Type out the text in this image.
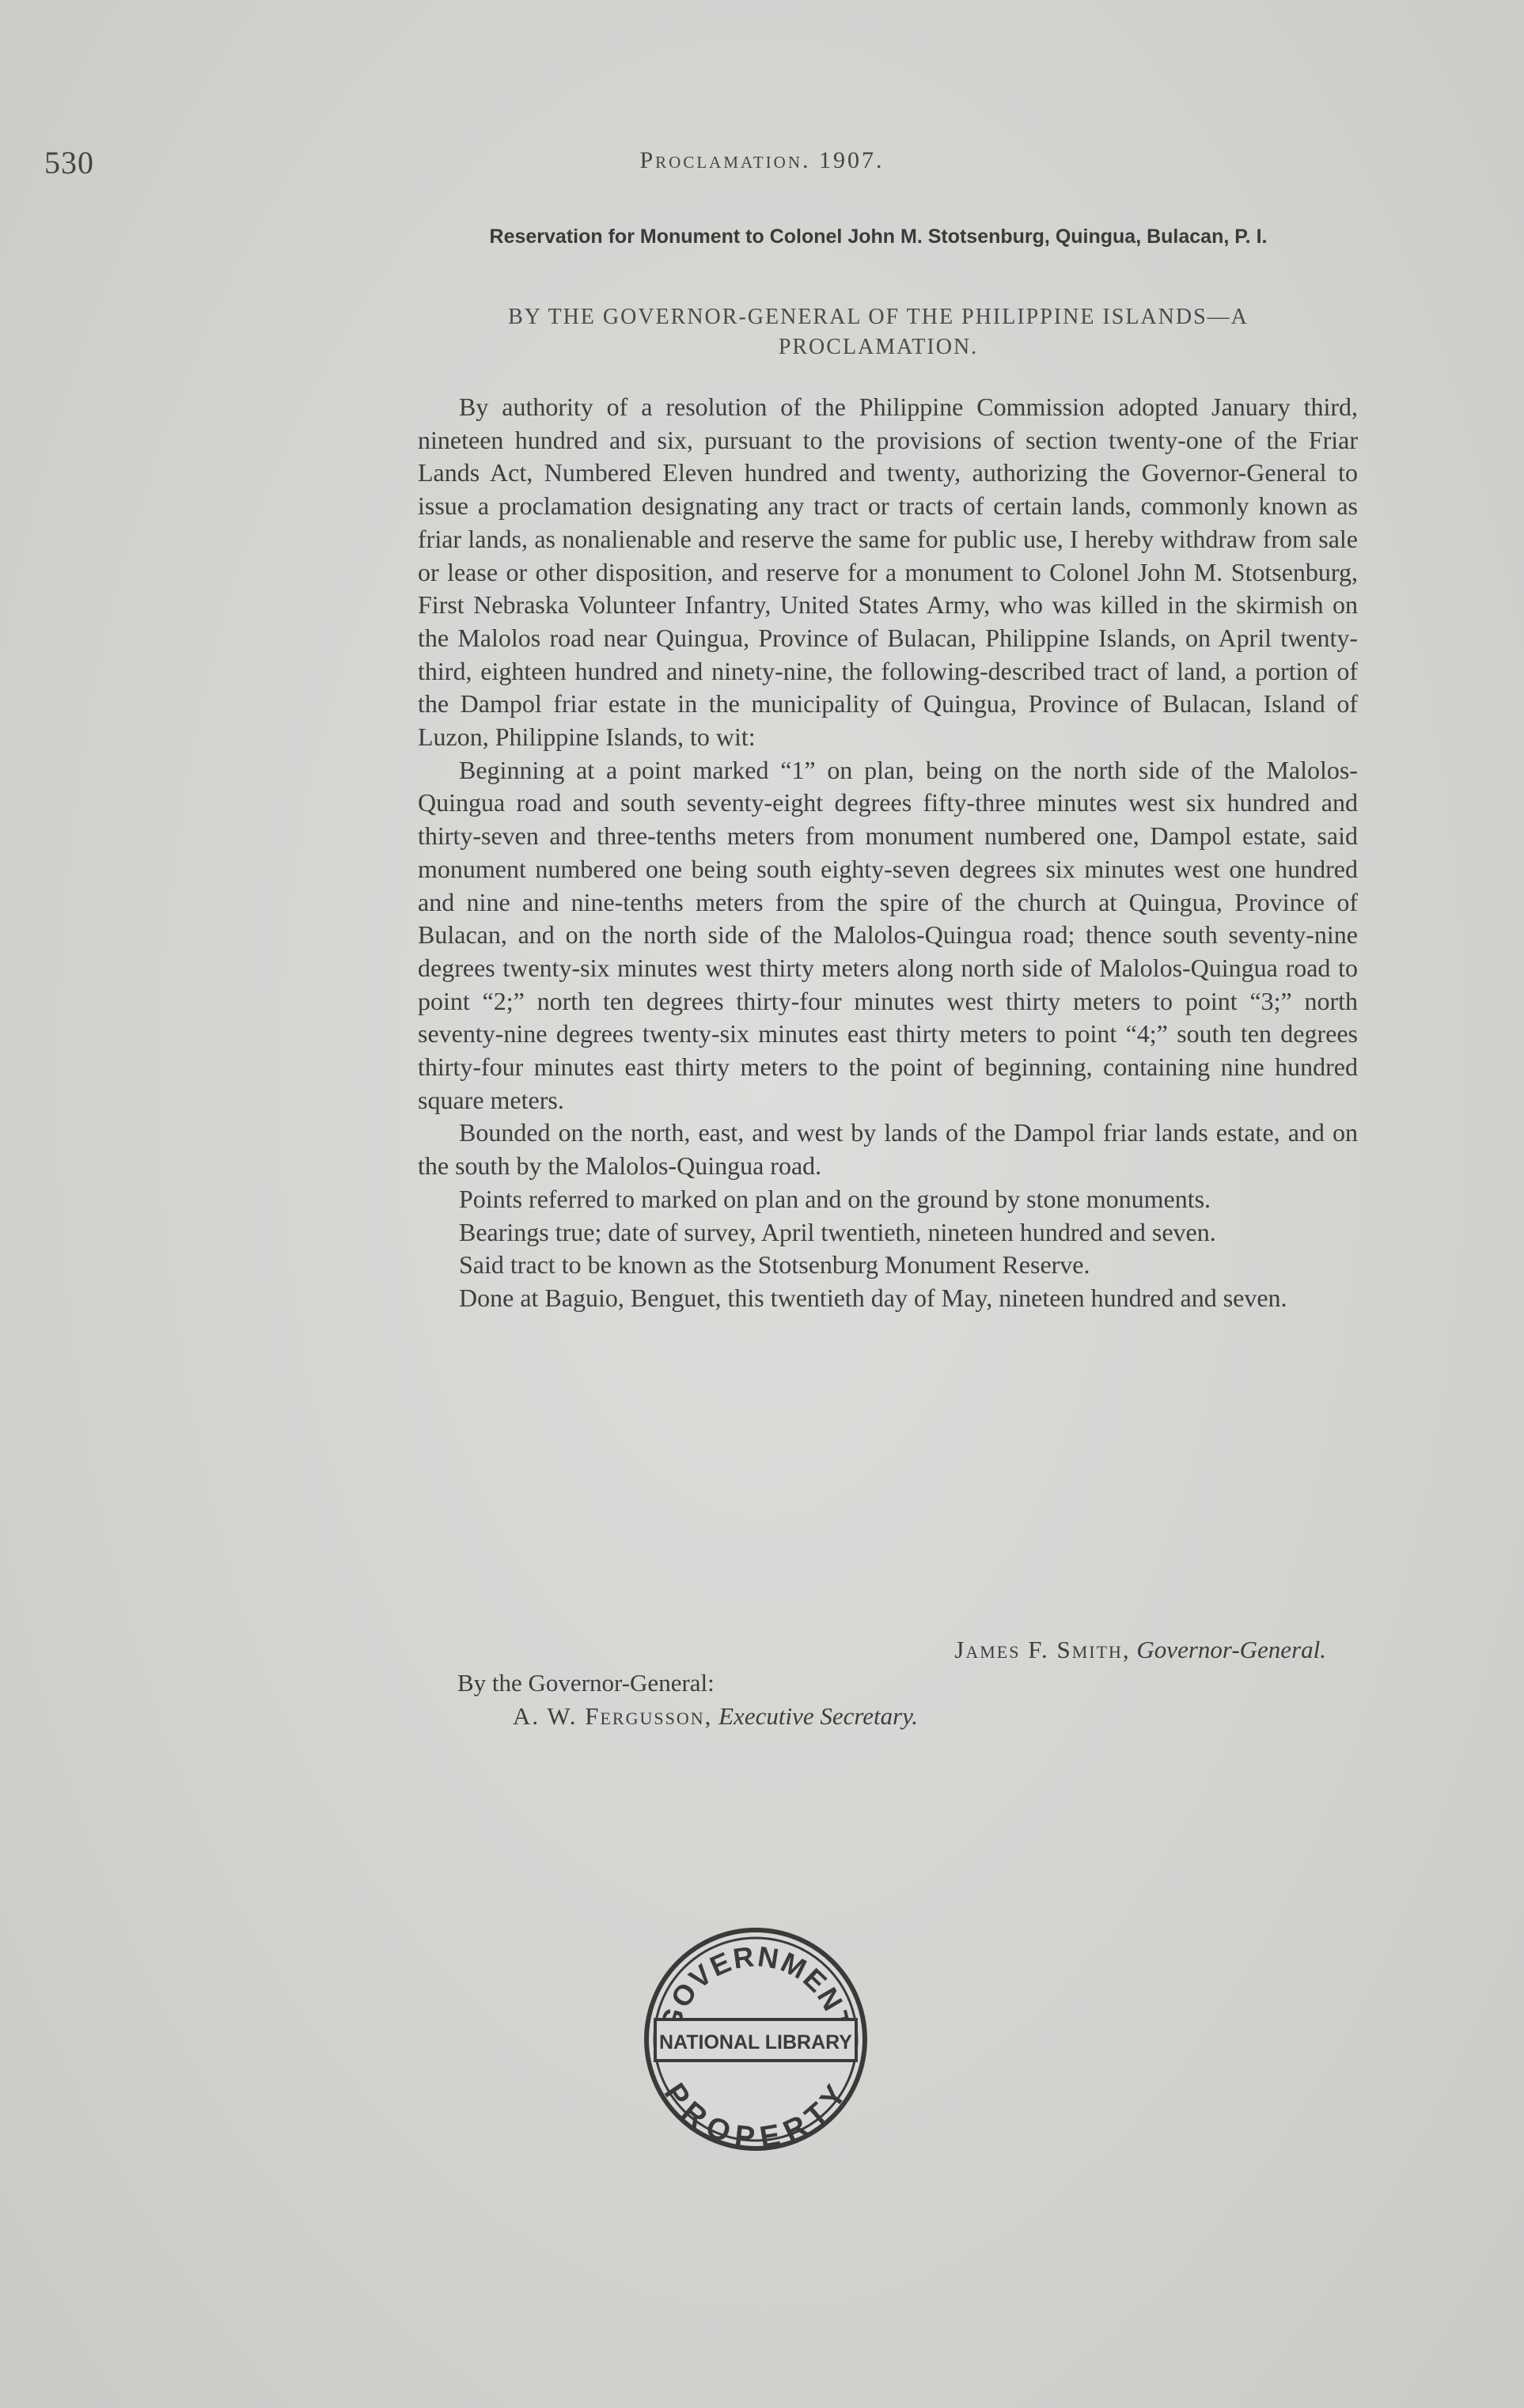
530	Proclamation. 1907.
Reservation for Monument to Colonel John M. Stotsenburg, Quingua, Bulacan, P. I.
BY THE GOVERNOR-GENERAL OF THE PHILIPPINE ISLANDS—A PROCLAMATION.

By authority of a resolution of the Philippine Commission adopted January third, nineteen hundred and six, pursuant to the provisions of section twenty-one of the Friar Lands Act, Numbered Eleven hundred and twenty, authorizing the Governor-General to issue a proclamation designating any tract or tracts of certain lands, commonly known as friar lands, as nonalienable and reserve the same for public use, I hereby withdraw from sale or lease or other disposition, and reserve for a monument to Colonel John M. Stotsenburg, First Nebraska Volunteer Infantry, United States Army, who was killed in the skirmish on the Malolos road near Quingua, Province of Bulacan, Philippine Islands, on April twenty-third, eighteen hundred and ninety-nine, the following-described tract of land, a portion of the Dampol friar estate in the municipality of Quingua, Province of Bulacan, Island of Luzon, Philippine Islands, to wit:

Beginning at a point marked “1” on plan, being on the north side of the Malolos-Quingua road and south seventy-eight degrees fifty-three minutes west six hundred and thirty-seven and three-tenths meters from monument numbered one, Dampol estate, said monument numbered one being south eighty-seven degrees six minutes west one hundred and nine and nine-tenths meters from the spire of the church at Quingua, Province of Bulacan, and on the north side of the Malolos-Quingua road; thence south seventy-nine degrees twenty-six minutes west thirty meters along north side of Malolos-Quingua road to point “2;” north ten degrees thirty-four minutes west thirty meters to point “3;” north seventy-nine degrees twenty-six minutes east thirty meters to point “4;” south ten degrees thirty-four minutes east thirty meters to the point of beginning, containing nine hundred square meters.

Bounded on the north, east, and west by lands of the Dampol friar lands estate, and on the south by the Malolos-Quingua road.

Points referred to marked on plan and on the ground by stone monuments.

Bearings true; date of survey, April twentieth, nineteen hundred and seven.

Said tract to be known as the Stotsenburg Monument Reserve.

Done at Baguio, Benguet, this twentieth day of May, nineteen hundred and seven.

James F. Smith, Governor-General.
By the Governor-General:
A. W. Fergusson, Executive Secretary.
OVERNMEN
NATIONAL LIBRARY
PROPERTY
